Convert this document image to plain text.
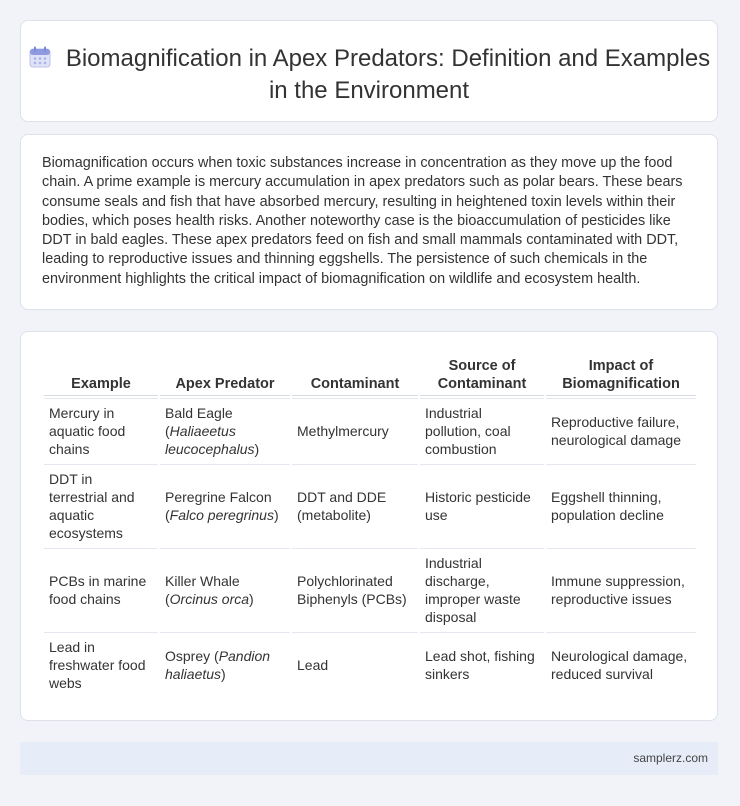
Biomagnification in Apex Predators: Definition and Examples in the Environment

Biomagnification occurs when toxic substances increase in concentration as they move up the food chain. A prime example is mercury accumulation in apex predators such as polar bears. These bears consume seals and fish that have absorbed mercury, resulting in heightened toxin levels within their bodies, which poses health risks. Another noteworthy case is the bioaccumulation of pesticides like DDT in bald eagles. These apex predators feed on fish and small mammals contaminated with DDT, leading to reproductive issues and thinning eggshells. The persistence of such chemicals in the environment highlights the critical impact of biomagnification on wildlife and ecosystem health.

Example	Apex Predator	Contaminant	Source of Contaminant	Impact of Biomagnification
Mercury in aquatic food chains	Bald Eagle (Haliaeetus leucocephalus)	Methylmercury	Industrial pollution, coal combustion	Reproductive failure, neurological damage
DDT in terrestrial and aquatic ecosystems	Peregrine Falcon (Falco peregrinus)	DDT and DDE (metabolite)	Historic pesticide use	Eggshell thinning, population decline
PCBs in marine food chains	Killer Whale (Orcinus orca)	Polychlorinated Biphenyls (PCBs)	Industrial discharge, improper waste disposal	Immune suppression, reproductive issues
Lead in freshwater food webs	Osprey (Pandion haliaetus)	Lead	Lead shot, fishing sinkers	Neurological damage, reduced survival
samplerz.com
